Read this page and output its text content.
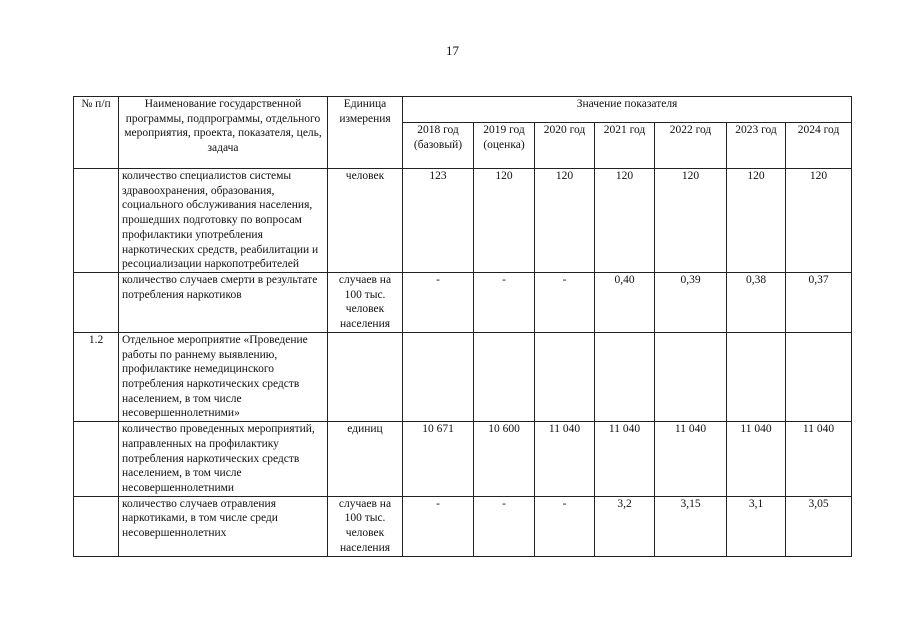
17
№ п/п	Наименование государственной программы, подпрограммы, отдельного мероприятия, проекта, показателя, цель, задача	Единица измерения	Значение показателя						
			2018 год (базовый)	2019 год (оценка)	2020 год	2021 год	2022 год	2023 год	2024 год
	количество специалистов системы здравоохранения, образования, социального обслуживания населения, прошедших подготовку по вопросам профилактики употребления наркотических средств, реабилитации и ресоциализации наркопотребителей	человек	123	120	120	120	120	120	120
	количество случаев смерти в результате потребления наркотиков	случаев на 100 тыс. человек населения	-	-	-	0,40	0,39	0,38	0,37
1.2	Отдельное мероприятие «Проведение работы по раннему выявлению, профилактике немедицинского потребления наркотических средств населением, в том числе несовершеннолетними»								
	количество проведенных мероприятий, направленных на профилактику потребления наркотических средств населением, в том числе несовершеннолетними	единиц	10 671	10 600	11 040	11 040	11 040	11 040	11 040
	количество случаев отравления наркотиками, в том числе среди несовершеннолетних	случаев на 100 тыс. человек населения	-	-	-	3,2	3,15	3,1	3,05
